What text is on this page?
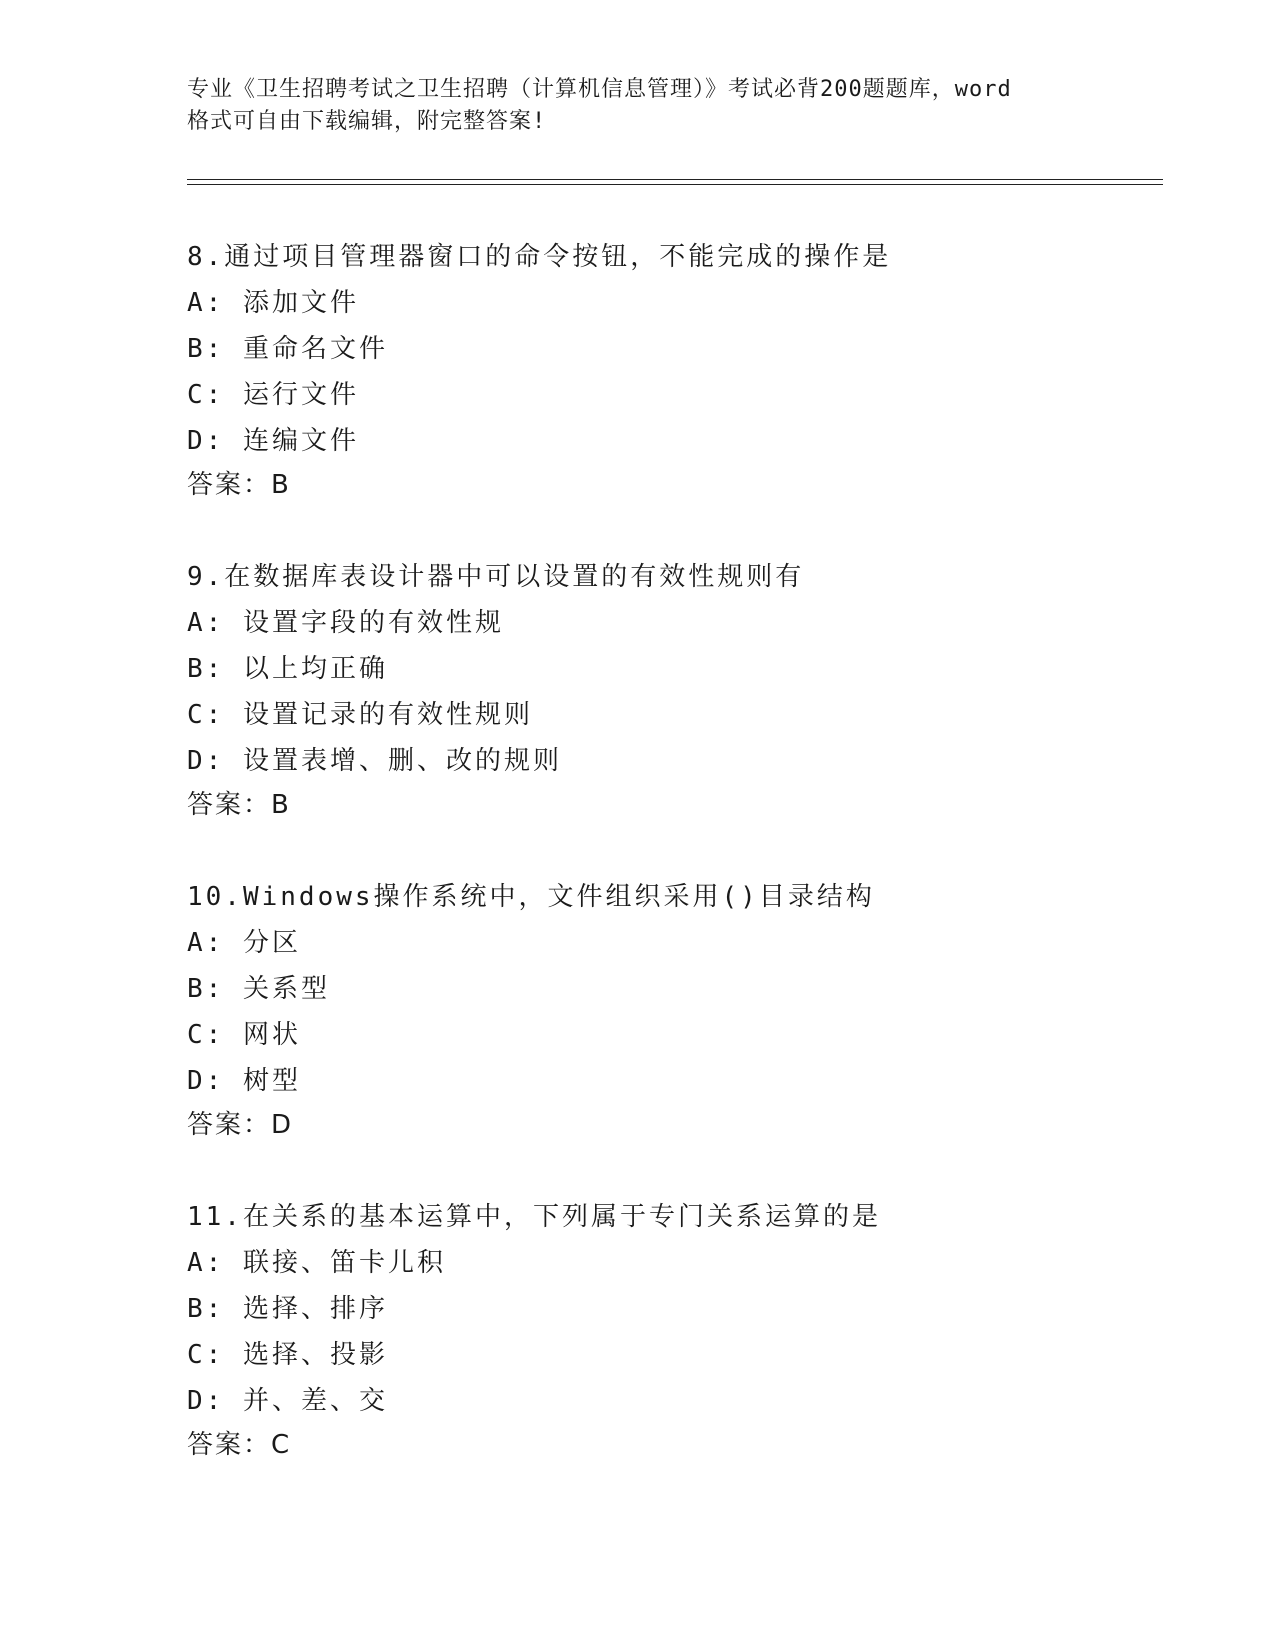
专业《卫生招聘考试之卫生招聘（计算机信息管理）》考试必背200题题库，word
格式可自由下载编辑，附完整答案!
8.通过项目管理器窗口的命令按钮，不能完成的操作是
A: 添加文件
B: 重命名文件
C: 运行文件
D: 连编文件
答案：B
9.在数据库表设计器中可以设置的有效性规则有
A: 设置字段的有效性规
B: 以上均正确
C: 设置记录的有效性规则
D: 设置表增、删、改的规则
答案：B
10.Windows操作系统中，文件组织采用()目录结构
A: 分区
B: 关系型
C: 网状
D: 树型
答案：D
11.在关系的基本运算中，下列属于专门关系运算的是
A: 联接、笛卡儿积
B: 选择、排序
C: 选择、投影
D: 并、差、交
答案：C
